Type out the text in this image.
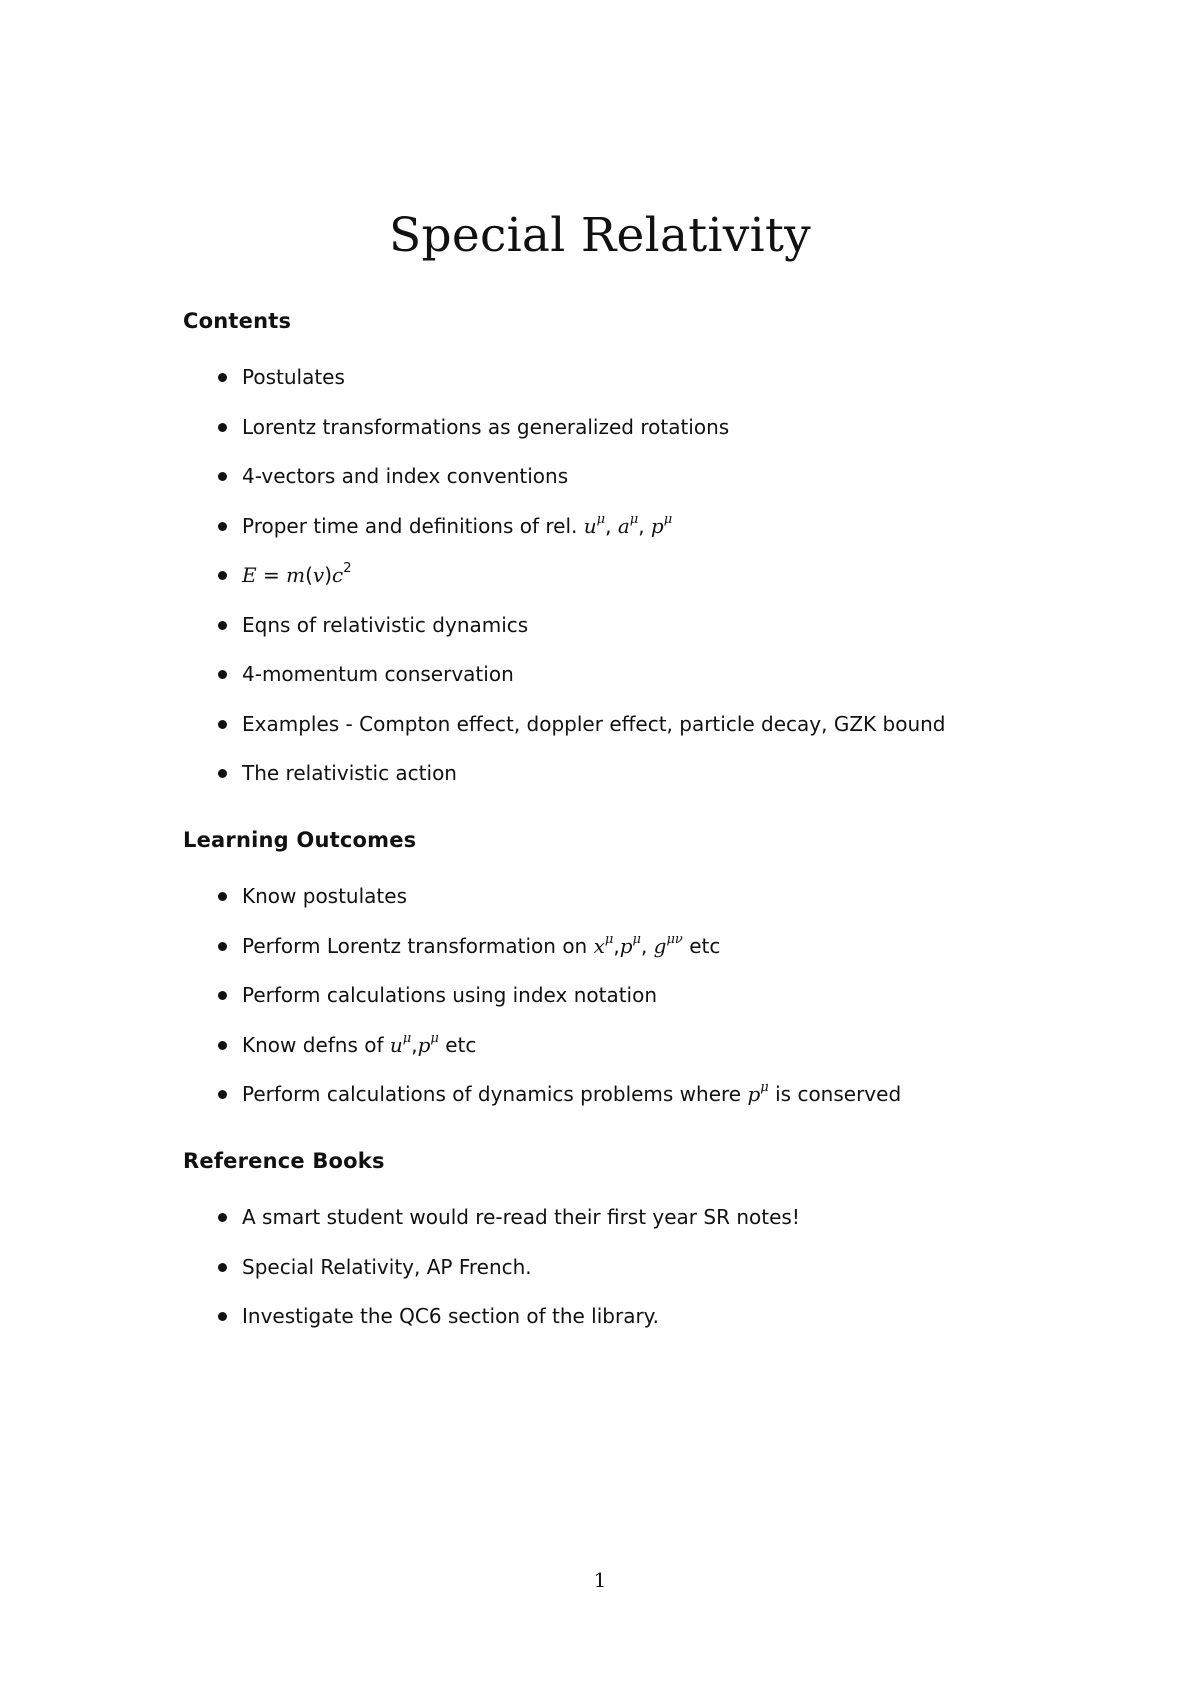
Special Relativity
Contents
Postulates
Lorentz transformations as generalized rotations
4-vectors and index conventions
Proper time and definitions of rel. $u^\mu$, $a^\mu$, $p^\mu$
$E = m(v)c^2$
Eqns of relativistic dynamics
4-momentum conservation
Examples - Compton effect, doppler effect, particle decay, GZK bound
The relativistic action
Learning Outcomes
Know postulates
Perform Lorentz transformation on $x^\mu,p^\mu$, $g^{\mu\nu}$ etc
Perform calculations using index notation
Know defns of $u^\mu,p^\mu$ etc
Perform calculations of dynamics problems where $p^\mu$ is conserved
Reference Books
A smart student would re-read their first year SR notes!
Special Relativity, AP French.
Investigate the QC6 section of the library.
1
